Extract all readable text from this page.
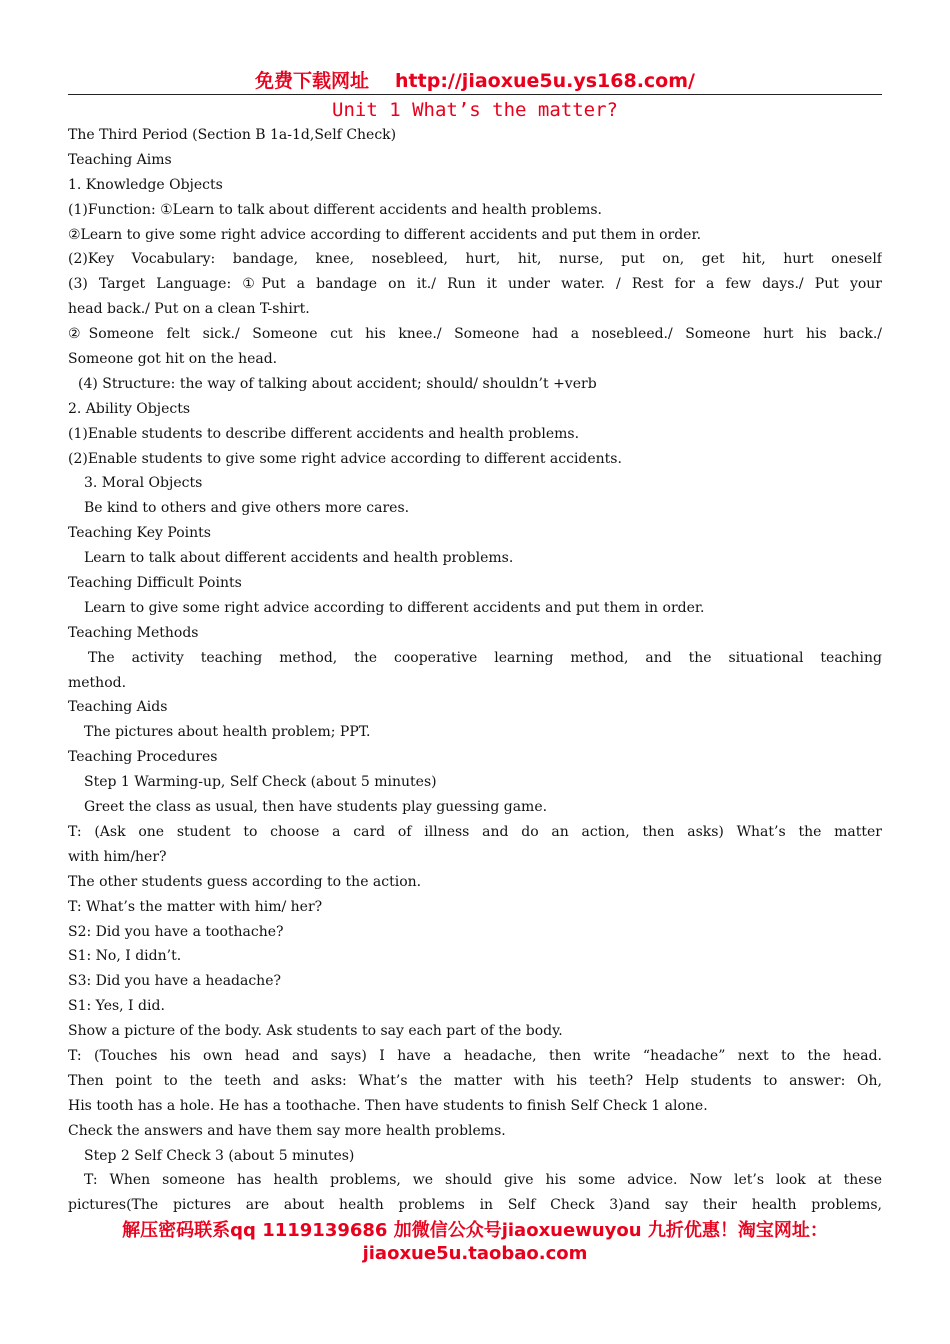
免费下载网址 http://jiaoxue5u.ys168.com/
Unit 1 What’s the matter?
The Third Period (Section B 1a-1d,Self Check)
Teaching Aims
1. Knowledge Objects
(1)Function: ①Learn to talk about different accidents and health problems.
②Learn to give some right advice according to different accidents and put them in order.
(2)Key Vocabulary: bandage, knee, nosebleed, hurt, hit, nurse, put on, get hit, hurt oneself
(3) Target Language: ①Put a bandage on it./ Run it under water. / Rest for a few days./ Put your
head back./ Put on a clean T-shirt.
②Someone felt sick./ Someone cut his knee./ Someone had a nosebleed./ Someone hurt his back./
Someone got hit on the head.
(4) Structure: the way of talking about accident; should/ shouldn’t +verb
2. Ability Objects
(1)Enable students to describe different accidents and health problems.
(2)Enable students to give some right advice according to different accidents.
3. Moral Objects
Be kind to others and give others more cares.
Teaching Key Points
Learn to talk about different accidents and health problems.
Teaching Difficult Points
Learn to give some right advice according to different accidents and put them in order.
Teaching Methods
The activity teaching method, the cooperative learning method, and the situational teaching
method.
Teaching Aids
The pictures about health problem; PPT.
Teaching Procedures
Step 1 Warming-up, Self Check (about 5 minutes)
Greet the class as usual, then have students play guessing game.
T: (Ask one student to choose a card of illness and do an action, then asks) What’s the matter
with him/her?
The other students guess according to the action.
T: What’s the matter with him/ her?
S2: Did you have a toothache?
S1: No, I didn’t.
S3: Did you have a headache?
S1: Yes, I did.
Show a picture of the body. Ask students to say each part of the body.
T: (Touches his own head and says) I have a headache, then write “headache” next to the head.
Then point to the teeth and asks: What’s the matter with his teeth? Help students to answer: Oh,
His tooth has a hole. He has a toothache. Then have students to finish Self Check 1 alone.
Check the answers and have them say more health problems.
Step 2 Self Check 3 (about 5 minutes)
T: When someone has health problems, we should give his some advice. Now let’s look at these
pictures(The pictures are about health problems in Self Check 3)and say their health problems,
解压密码联系qq 1119139686 加微信公众号jiaoxuewuyou 九折优惠！淘宝网址：
jiaoxue5u.taobao.com
